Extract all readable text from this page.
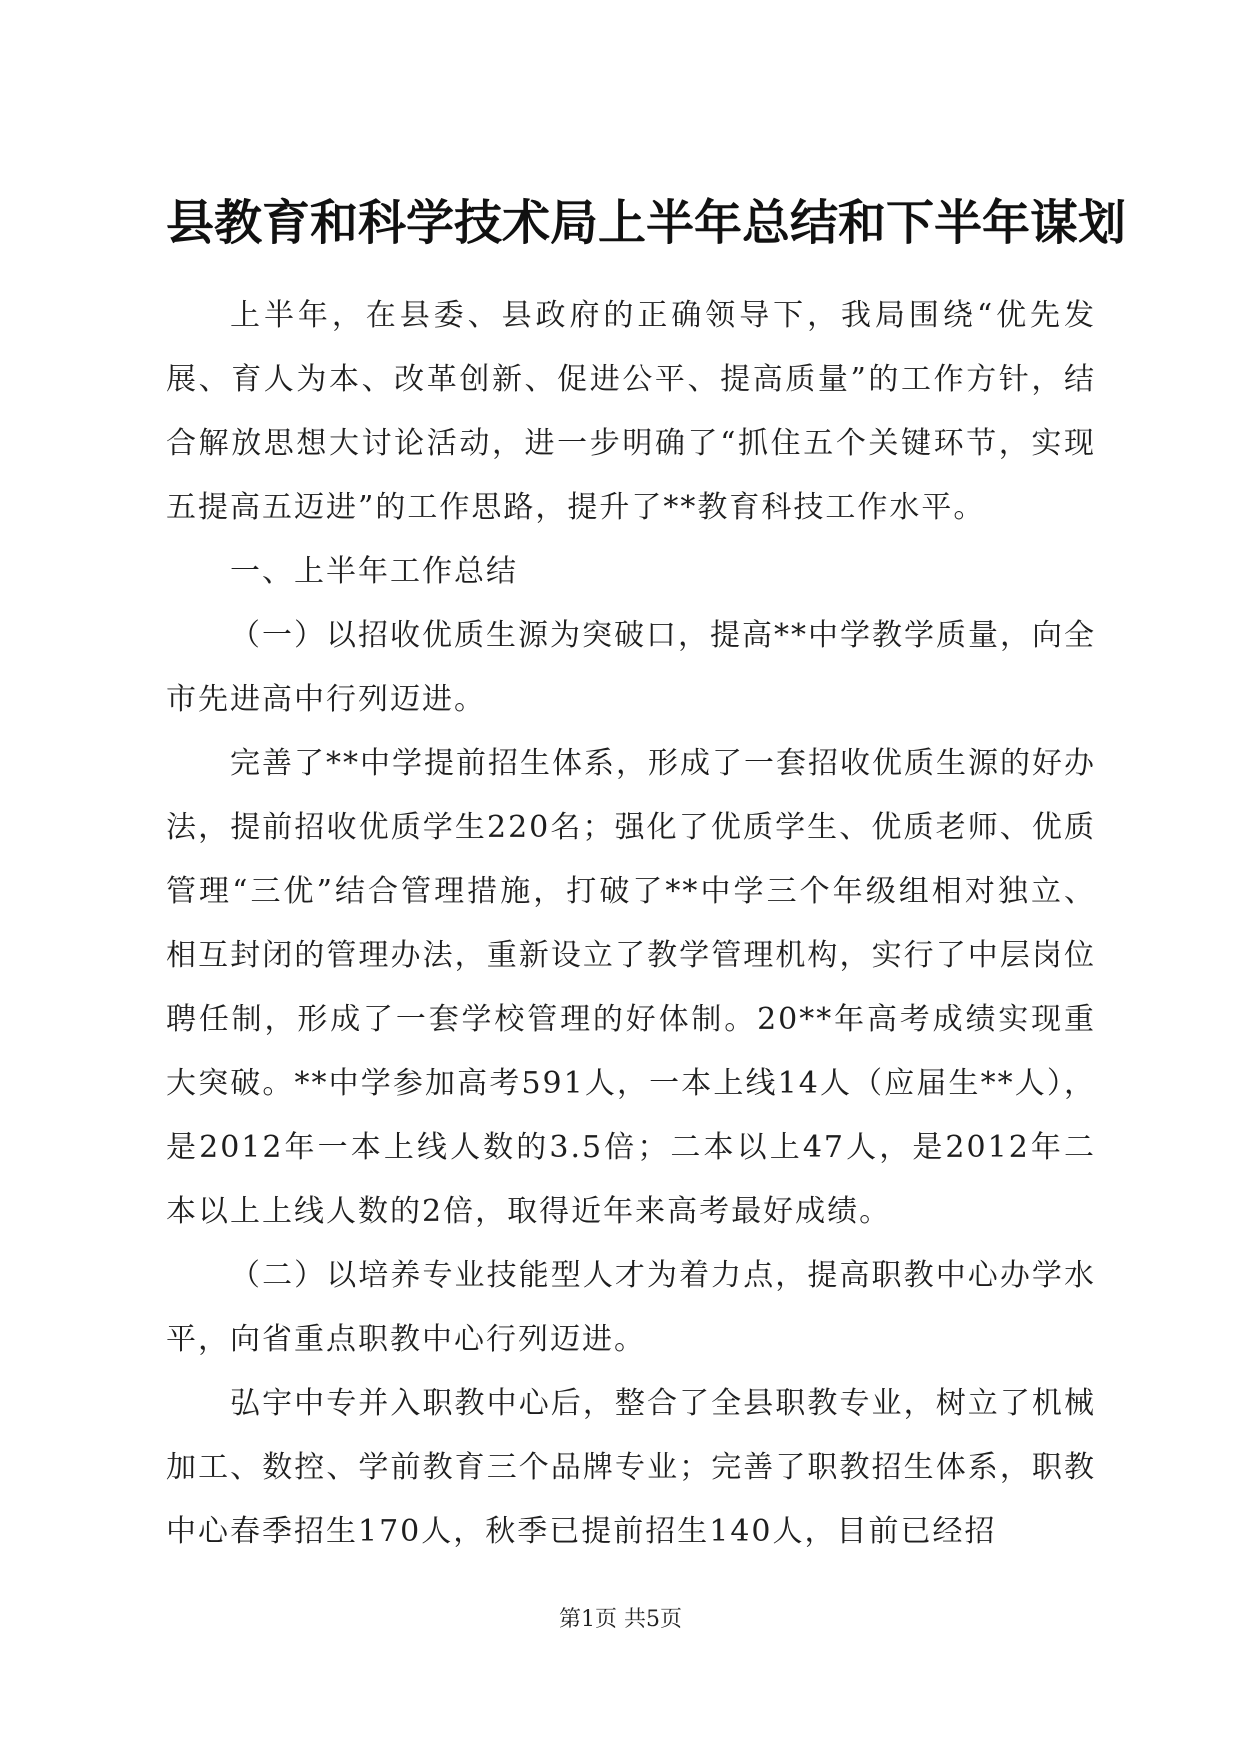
县教育和科学技术局上半年总结和下半年谋划

上半年，在县委、县政府的正确领导下，我局围绕“优先发展、育人为本、改革创新、促进公平、提高质量”的工作方针，结合解放思想大讨论活动，进一步明确了“抓住五个关键环节，实现五提高五迈进”的工作思路，提升了**教育科技工作水平。

一、上半年工作总结

（一）以招收优质生源为突破口，提高**中学教学质量，向全市先进高中行列迈进。

完善了**中学提前招生体系，形成了一套招收优质生源的好办法，提前招收优质学生220名；强化了优质学生、优质老师、优质管理“三优”结合管理措施，打破了**中学三个年级组相对独立、相互封闭的管理办法，重新设立了教学管理机构，实行了中层岗位聘任制，形成了一套学校管理的好体制。20**年高考成绩实现重大突破。**中学参加高考591人，一本上线14人（应届生**人），是2012年一本上线人数的3.5倍；二本以上47人，是2012年二本以上上线人数的2倍，取得近年来高考最好成绩。

（二）以培养专业技能型人才为着力点，提高职教中心办学水平，向省重点职教中心行列迈进。

弘宇中专并入职教中心后，整合了全县职教专业，树立了机械加工、数控、学前教育三个品牌专业；完善了职教招生体系，职教中心春季招生170人，秋季已提前招生140人，目前已经招

第1页 共5页
